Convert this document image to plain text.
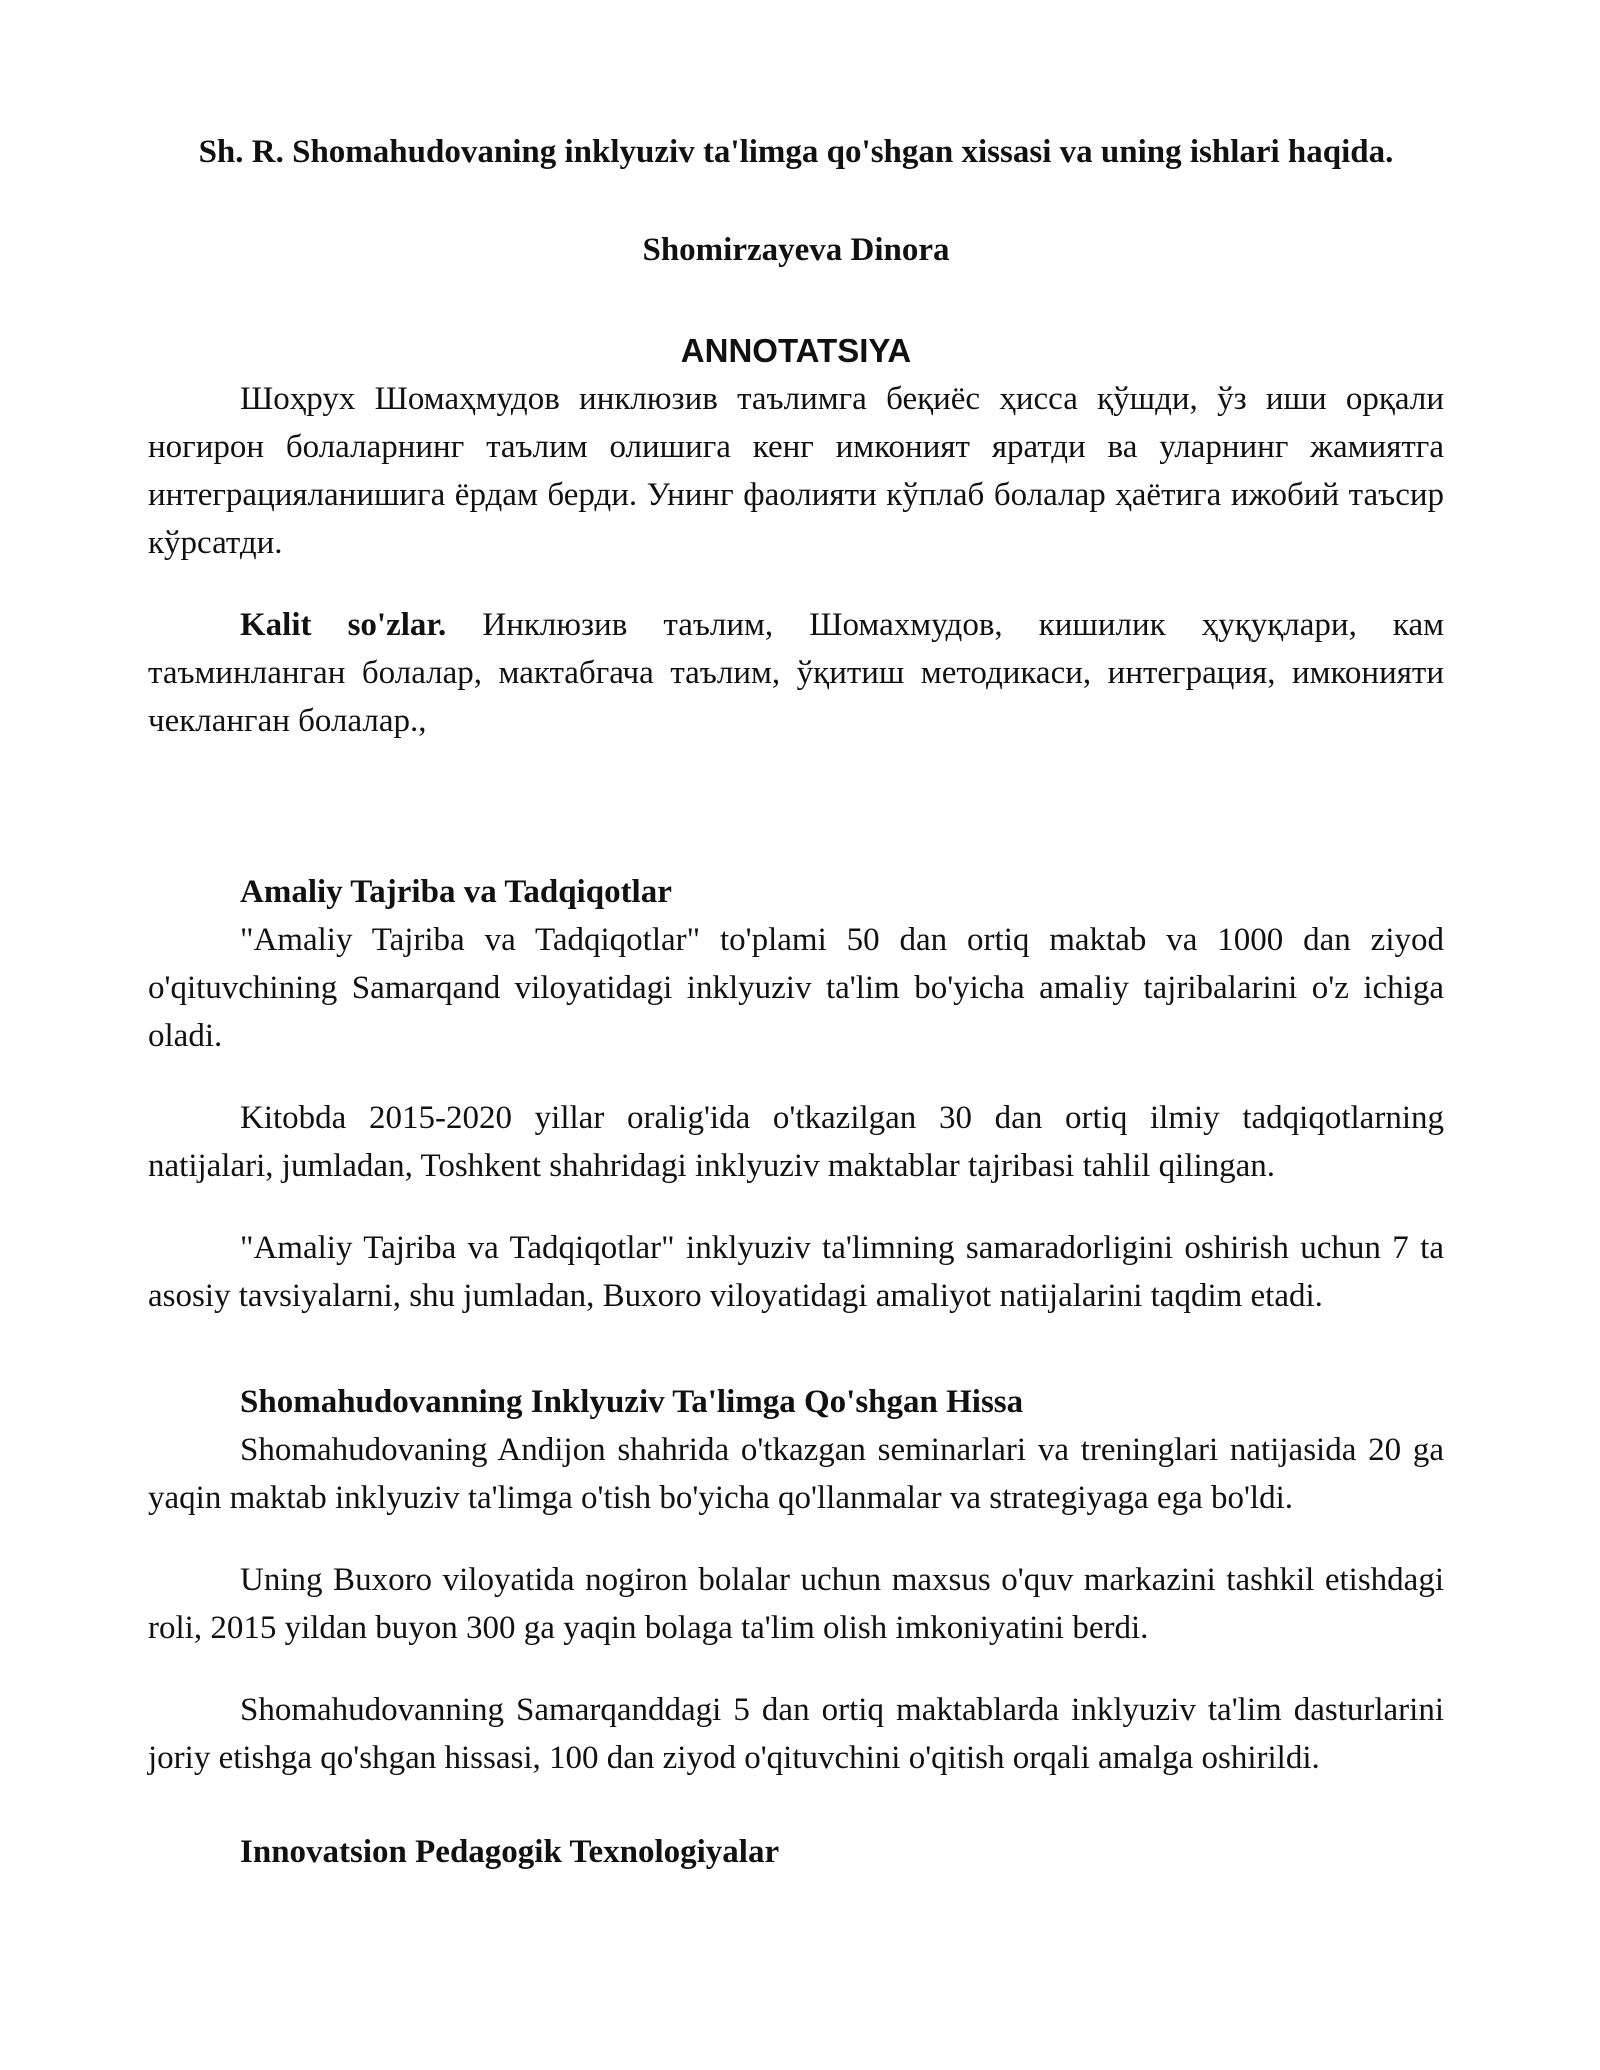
Sh. R. Shomahudovaning inklyuziv ta'limga qo'shgan xissasi va uning ishlari haqida.

Shomirzayeva Dinora

ANNOTATSIYA

Шоҳрух Шомаҳмудов инклюзив таълимга беқиёс ҳисса қўшди, ўз иши орқали ногирон болаларнинг таълим олишига кенг имконият яратди ва уларнинг жамиятга интеграцияланишига ёрдам берди. Унинг фаолияти кўплаб болалар ҳаётига ижобий таъсир кўрсатди.

Kalit so'zlar. Инклюзив таълим, Шомахмудов, кишилик ҳуқуқлари, кам таъминланган болалар, мактабгача таълим, ўқитиш методикаси, интеграция, имконияти чекланган болалар.,

Amaliy Tajriba va Tadqiqotlar

"Amaliy Tajriba va Tadqiqotlar" to'plami 50 dan ortiq maktab va 1000 dan ziyod o'qituvchining Samarqand viloyatidagi inklyuziv ta'lim bo'yicha amaliy tajribalarini o'z ichiga oladi.

Kitobda 2015-2020 yillar oralig'ida o'tkazilgan 30 dan ortiq ilmiy tadqiqotlarning natijalari, jumladan, Toshkent shahridagi inklyuziv maktablar tajribasi tahlil qilingan.

"Amaliy Tajriba va Tadqiqotlar" inklyuziv ta'limning samaradorligini oshirish uchun 7 ta asosiy tavsiyalarni, shu jumladan, Buxoro viloyatidagi amaliyot natijalarini taqdim etadi.

Shomahudovanning Inklyuziv Ta'limga Qo'shgan Hissa

Shomahudovaning Andijon shahrida o'tkazgan seminarlari va treninglari natijasida 20 ga yaqin maktab inklyuziv ta'limga o'tish bo'yicha qo'llanmalar va strategiyaga ega bo'ldi.

Uning Buxoro viloyatida nogiron bolalar uchun maxsus o'quv markazini tashkil etishdagi roli, 2015 yildan buyon 300 ga yaqin bolaga ta'lim olish imkoniyatini berdi.

Shomahudovanning Samarqanddagi 5 dan ortiq maktablarda inklyuziv ta'lim dasturlarini joriy etishga qo'shgan hissasi, 100 dan ziyod o'qituvchini o'qitish orqali amalga oshirildi.

Innovatsion Pedagogik Texnologiyalar
